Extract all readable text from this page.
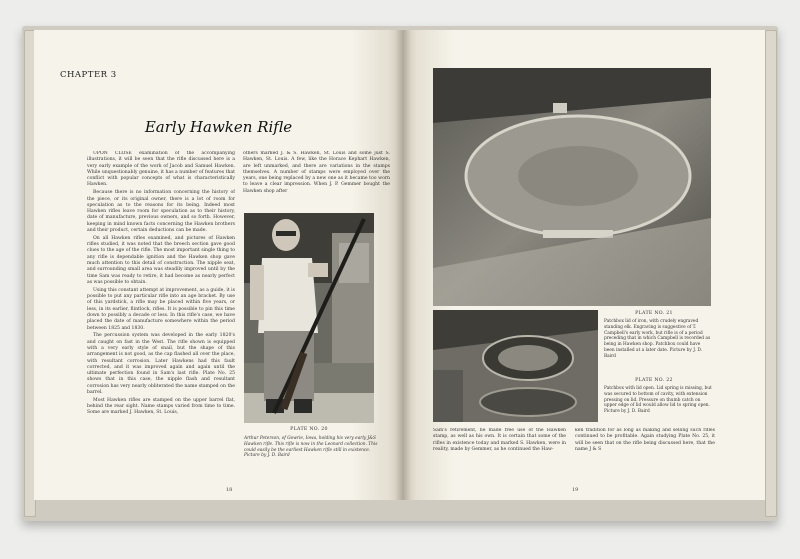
CHAPTER 3
Early Hawken Rifle

UPON CLOSE examination of the accompanying illustrations, it will be seen that the rifle discussed here is a very early example of the work of Jacob and Samuel Hawken. While unquestionably genuine, it has a number of features that conflict with popular concepts of what is characteristically Hawken.

Because there is no information concerning the history of the piece, or its original owner, there is a lot of room for speculation as to the reasons for its being. Indeed most Hawken rifles leave room for speculation as to their history, date of manufacture, previous owners, and so forth. However, keeping in mind known facts concerning the Hawken brothers and their product, certain deductions can be made.

On all Hawken rifles examined, and pictures of Hawken rifles studied, it was noted that the breech section gave good clues to the age of the rifle. The most important single thing to any rifle is dependable ignition and the Hawken shop gave much attention to this detail of construction. The nipple seat, and surrounding small area was steadily improved until by the time Sam was ready to retire, it had become as nearly perfect as was possible to obtain.

Using this constant attempt at improvement, as a guide, it is possible to put any particular rifle into an age bracket. By use of this yardstick, a rifle may be placed within five years, or less, in its earlier, flintlock, rifles. It is possible to pin this time down to possibly a decade or less. In this rifle's case, we have placed the date of manufacture somewhere within the period between 1825 and 1830.

The percussion system was developed in the early 1820's and caught on fast in the West. The rifle shown is equipped with a very early style of snail, but the shape of this arrangement is not good, as the cap flashed all over the place, with resultant corrosion. Later Hawkens had this fault corrected, and it was improved again and again until the ultimate perfection found in Sam's last rifle. Plate No. 25 shows that in this case, the nipple flash and resultant corrosion has very nearly obliterated the name stamped on the barrel.

Most Hawken rifles are stamped on the upper barrel flat, behind the rear sight. Name stamps varied from time to time. Some are marked J. Hawken, St. Louis,

others marked J. & S. Hawken, St. Louis and some just S. Hawken, St. Louis. A few, like the Horace Kephart Hawken, are left unmarked, and there are variations in the stamps themselves. A number of stamps were employed over the years, one being replaced by a new one as it became too worn to leave a clear impression. When J. P. Gemmer bought the Hawken shop after

PLATE NO. 20
Arthur Peterson, of Gowrie, Iowa, holding his very early J&S Hawken rifle. This rifle is now in the Leonard collection. This could easily be the earliest Hawken rifle still in existence. Picture by J. D. Baird
18
PLATE NO. 21
Patchbox lid of iron, with crudely engraved standing elk. Engraving is suggestive of T. Campbell's early work, but rifle is of a period preceding that in which Campbell is recorded as being in Hawken shop. Patchbox could have been installed at a later date. Picture by J. D. Baird
PLATE NO. 22
Patchbox with lid open. Lid spring is missing, but was secured to bottom of cavity, with extension pressing on lid. Pressure on thumb catch on upper edge of lid would allow lid to spring open. Picture by J. D. Baird

Sam's retirement, he made free use of the Hawken stamp, as well as his own. It is certain that some of the rifles in existence today and marked S. Hawken, were in reality, made by Gemmer, as he continued the Haw-

ken tradition for as long as making and selling such rifles continued to be profitable. Again studying Plate No. 25, it will be seen that on the rifle being discussed here, that the name J & S

19
